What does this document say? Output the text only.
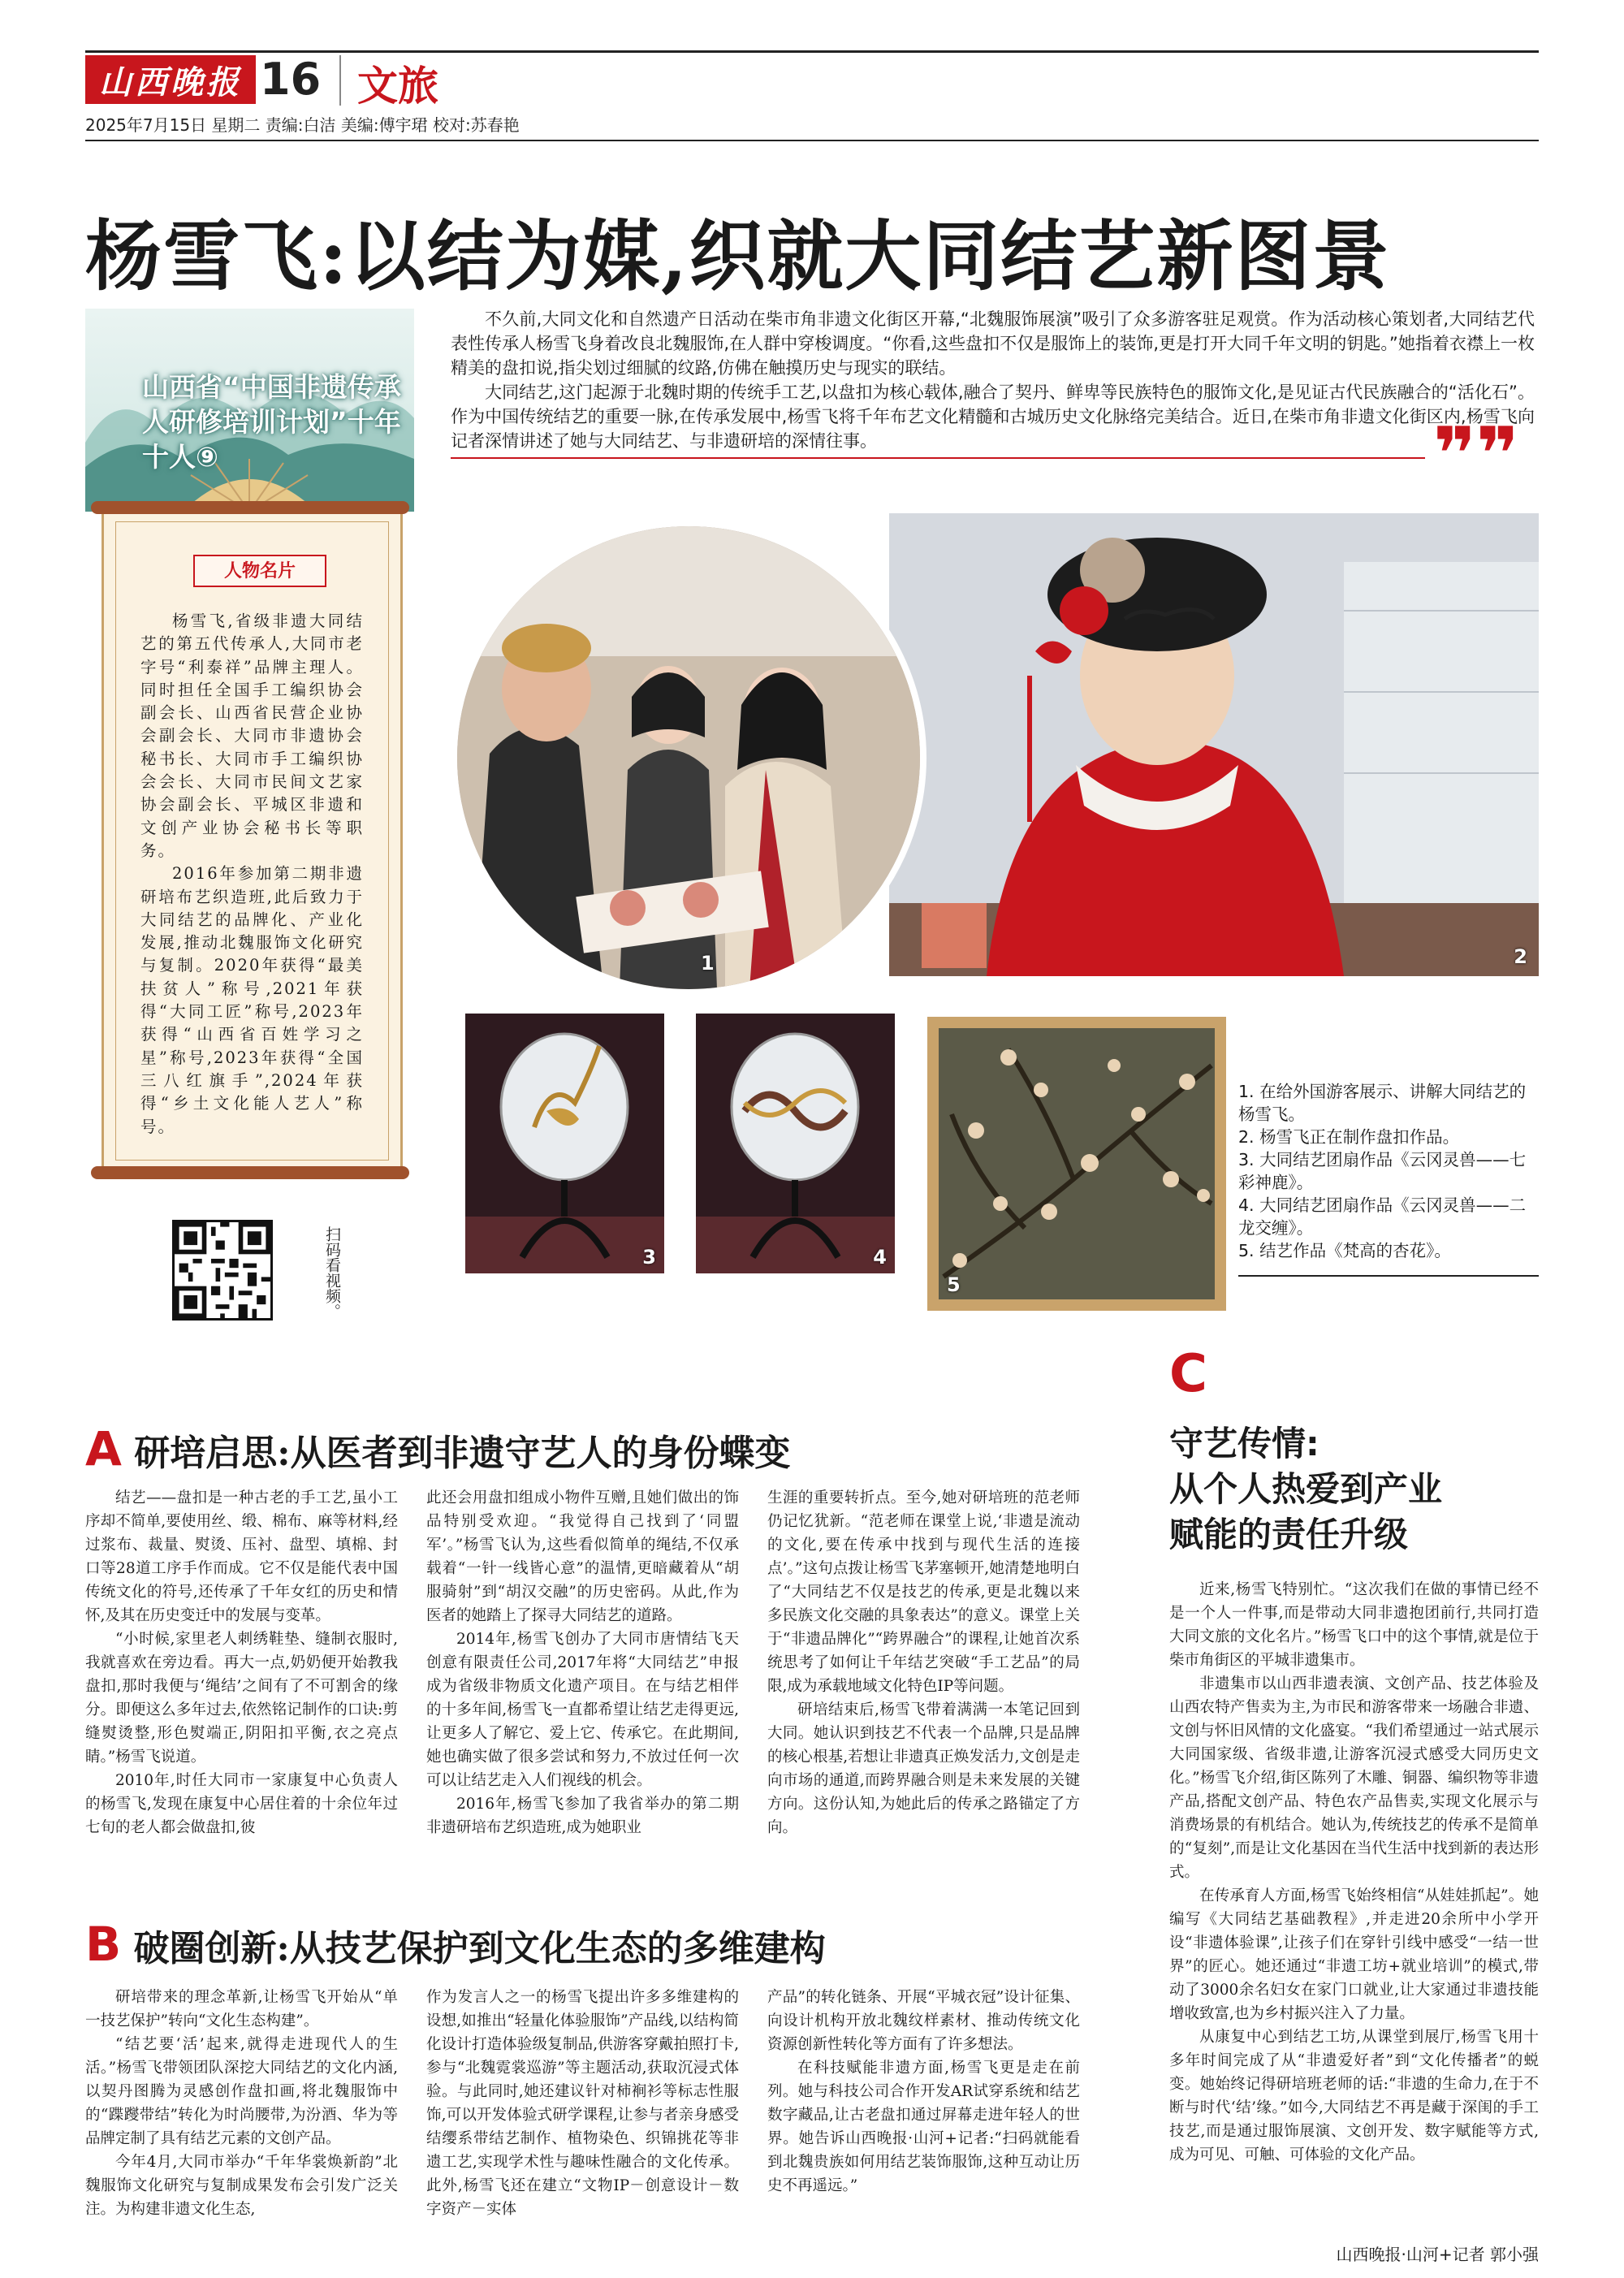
山西晚报 16 文旅
2025年7月15日 星期二 责编:白洁 美编:傅宇珺 校对:苏春艳
杨雪飞:以结为媒,织就大同结艺新图景
山西省“中国非遗传承人研修培训计划”十年十人⑨
人物名片

杨雪飞,省级非遗大同结艺的第五代传承人,大同市老字号“利泰祥”品牌主理人。同时担任全国手工编织协会副会长、山西省民营企业协会副会长、大同市非遗协会秘书长、大同市手工编织协会会长、大同市民间文艺家协会副会长、平城区非遗和文创产业协会秘书长等职务。

2016年参加第二期非遗研培布艺织造班,此后致力于大同结艺的品牌化、产业化发展,推动北魏服饰文化研究与复制。2020年获得“最美扶贫人”称号,2021年获得“大同工匠”称号,2023年获得“山西省百姓学习之星”称号,2023年获得“全国三八红旗手”,2024年获得“乡土文化能人艺人”称号。

扫码看视频。

不久前,大同文化和自然遗产日活动在柴市角非遗文化街区开幕,“北魏服饰展演”吸引了众多游客驻足观赏。作为活动核心策划者,大同结艺代表性传承人杨雪飞身着改良北魏服饰,在人群中穿梭调度。“你看,这些盘扣不仅是服饰上的装饰,更是打开大同千年文明的钥匙。”她指着衣襟上一枚精美的盘扣说,指尖划过细腻的纹路,仿佛在触摸历史与现实的联结。

大同结艺,这门起源于北魏时期的传统手工艺,以盘扣为核心载体,融合了契丹、鲜卑等民族特色的服饰文化,是见证古代民族融合的“活化石”。作为中国传统结艺的重要一脉,在传承发展中,杨雪飞将千年布艺文化精髓和古城历史文化脉络完美结合。近日,在柴市角非遗文化街区内,杨雪飞向记者深情讲述了她与大同结艺、与非遗研培的深情往事。	❞❞
2
1
3	4
5

1. 在给外国游客展示、讲解大同结艺的杨雪飞。

2. 杨雪飞正在制作盘扣作品。

3. 大同结艺团扇作品《云冈灵兽——七彩神鹿》。

4. 大同结艺团扇作品《云冈灵兽——二龙交缠》。

5. 结艺作品《梵高的杏花》。

A 研培启思:从医者到非遗守艺人的身份蝶变

结艺——盘扣是一种古老的手工艺,虽小工序却不简单,要使用丝、缎、棉布、麻等材料,经过浆布、裁量、熨烫、压衬、盘型、填棉、封口等28道工序手作而成。它不仅是能代表中国传统文化的符号,还传承了千年女红的历史和情怀,及其在历史变迁中的发展与变革。

“小时候,家里老人刺绣鞋垫、缝制衣服时,我就喜欢在旁边看。再大一点,奶奶便开始教我盘扣,那时我便与‘绳结’之间有了不可割舍的缘分。即便这么多年过去,依然铭记制作的口诀:剪缝熨烫整,形色熨端正,阴阳扣平衡,衣之亮点睛。”杨雪飞说道。

2010年,时任大同市一家康复中心负责人的杨雪飞,发现在康复中心居住着的十余位年过七旬的老人都会做盘扣,彼

此还会用盘扣组成小物件互赠,且她们做出的饰品特别受欢迎。“我觉得自己找到了‘同盟军’。”杨雪飞认为,这些看似简单的绳结,不仅承载着“一针一线皆心意”的温情,更暗藏着从“胡服骑射”到“胡汉交融”的历史密码。从此,作为医者的她踏上了探寻大同结艺的道路。

2014年,杨雪飞创办了大同市唐情结飞天创意有限责任公司,2017年将“大同结艺”申报成为省级非物质文化遗产项目。在与结艺相伴的十多年间,杨雪飞一直都希望让结艺走得更远,让更多人了解它、爱上它、传承它。在此期间,她也确实做了很多尝试和努力,不放过任何一次可以让结艺走入人们视线的机会。

2016年,杨雪飞参加了我省举办的第二期非遗研培布艺织造班,成为她职业

生涯的重要转折点。至今,她对研培班的范老师仍记忆犹新。“范老师在课堂上说,‘非遗是流动的文化,要在传承中找到与现代生活的连接点’。”这句点拨让杨雪飞茅塞顿开,她清楚地明白了“大同结艺不仅是技艺的传承,更是北魏以来多民族文化交融的具象表达”的意义。课堂上关于“非遗品牌化”“跨界融合”的课程,让她首次系统思考了如何让千年结艺突破“手工艺品”的局限,成为承载地域文化特色IP等问题。

研培结束后,杨雪飞带着满满一本笔记回到大同。她认识到技艺不代表一个品牌,只是品牌的核心根基,若想让非遗真正焕发活力,文创是走向市场的通道,而跨界融合则是未来发展的关键方向。这份认知,为她此后的传承之路锚定了方向。

B 破圈创新:从技艺保护到文化生态的多维建构

研培带来的理念革新,让杨雪飞开始从“单一技艺保护”转向“文化生态构建”。

“结艺要‘活’起来,就得走进现代人的生活。”杨雪飞带领团队深挖大同结艺的文化内涵,以契丹图腾为灵感创作盘扣画,将北魏服饰中的“蹀躞带结”转化为时尚腰带,为汾酒、华为等品牌定制了具有结艺元素的文创产品。

今年4月,大同市举办“千年华裳焕新韵”北魏服饰文化研究与复制成果发布会引发广泛关注。为构建非遗文化生态,

作为发言人之一的杨雪飞提出许多多维建构的设想,如推出“轻量化体验服饰”产品线,以结构简化设计打造体验级复制品,供游客穿戴拍照打卡,参与“北魏霓裳巡游”等主题活动,获取沉浸式体验。与此同时,她还建议针对柿裥衫等标志性服饰,可以开发体验式研学课程,让参与者亲身感受结缨系带结艺制作、植物染色、织锦挑花等非遗工艺,实现学术性与趣味性融合的文化传承。此外,杨雪飞还在建立“文物IP－创意设计－数字资产－实体

产品”的转化链条、开展“平城衣冠”设计征集、向设计机构开放北魏纹样素材、推动传统文化资源创新性转化等方面有了许多想法。

在科技赋能非遗方面,杨雪飞更是走在前列。她与科技公司合作开发AR试穿系统和结艺数字藏品,让古老盘扣通过屏幕走进年轻人的世界。她告诉山西晚报·山河+记者:“扫码就能看到北魏贵族如何用结艺装饰服饰,这种互动让历史不再遥远。”

C
守艺传情:
从个人热爱到产业
赋能的责任升级

近来,杨雪飞特别忙。“这次我们在做的事情已经不是一个人一件事,而是带动大同非遗抱团前行,共同打造大同文旅的文化名片。”杨雪飞口中的这个事情,就是位于柴市角街区的平城非遗集市。

非遗集市以山西非遗表演、文创产品、技艺体验及山西农特产售卖为主,为市民和游客带来一场融合非遗、文创与怀旧风情的文化盛宴。“我们希望通过一站式展示大同国家级、省级非遗,让游客沉浸式感受大同历史文化。”杨雪飞介绍,街区陈列了木雕、铜器、编织物等非遗产品,搭配文创产品、特色农产品售卖,实现文化展示与消费场景的有机结合。她认为,传统技艺的传承不是简单的“复刻”,而是让文化基因在当代生活中找到新的表达形式。

在传承育人方面,杨雪飞始终相信“从娃娃抓起”。她编写《大同结艺基础教程》,并走进20余所中小学开设“非遗体验课”,让孩子们在穿针引线中感受“一结一世界”的匠心。她还通过“非遗工坊+就业培训”的模式,带动了3000余名妇女在家门口就业,让大家通过非遗技能增收致富,也为乡村振兴注入了力量。

从康复中心到结艺工坊,从课堂到展厅,杨雪飞用十多年时间完成了从“非遗爱好者”到“文化传播者”的蜕变。她始终记得研培班老师的话:“非遗的生命力,在于不断与时代‘结’缘。”如今,大同结艺不再是藏于深闺的手工技艺,而是通过服饰展演、文创开发、数字赋能等方式,成为可见、可触、可体验的文化产品。

山西晚报·山河+记者 郭小强
